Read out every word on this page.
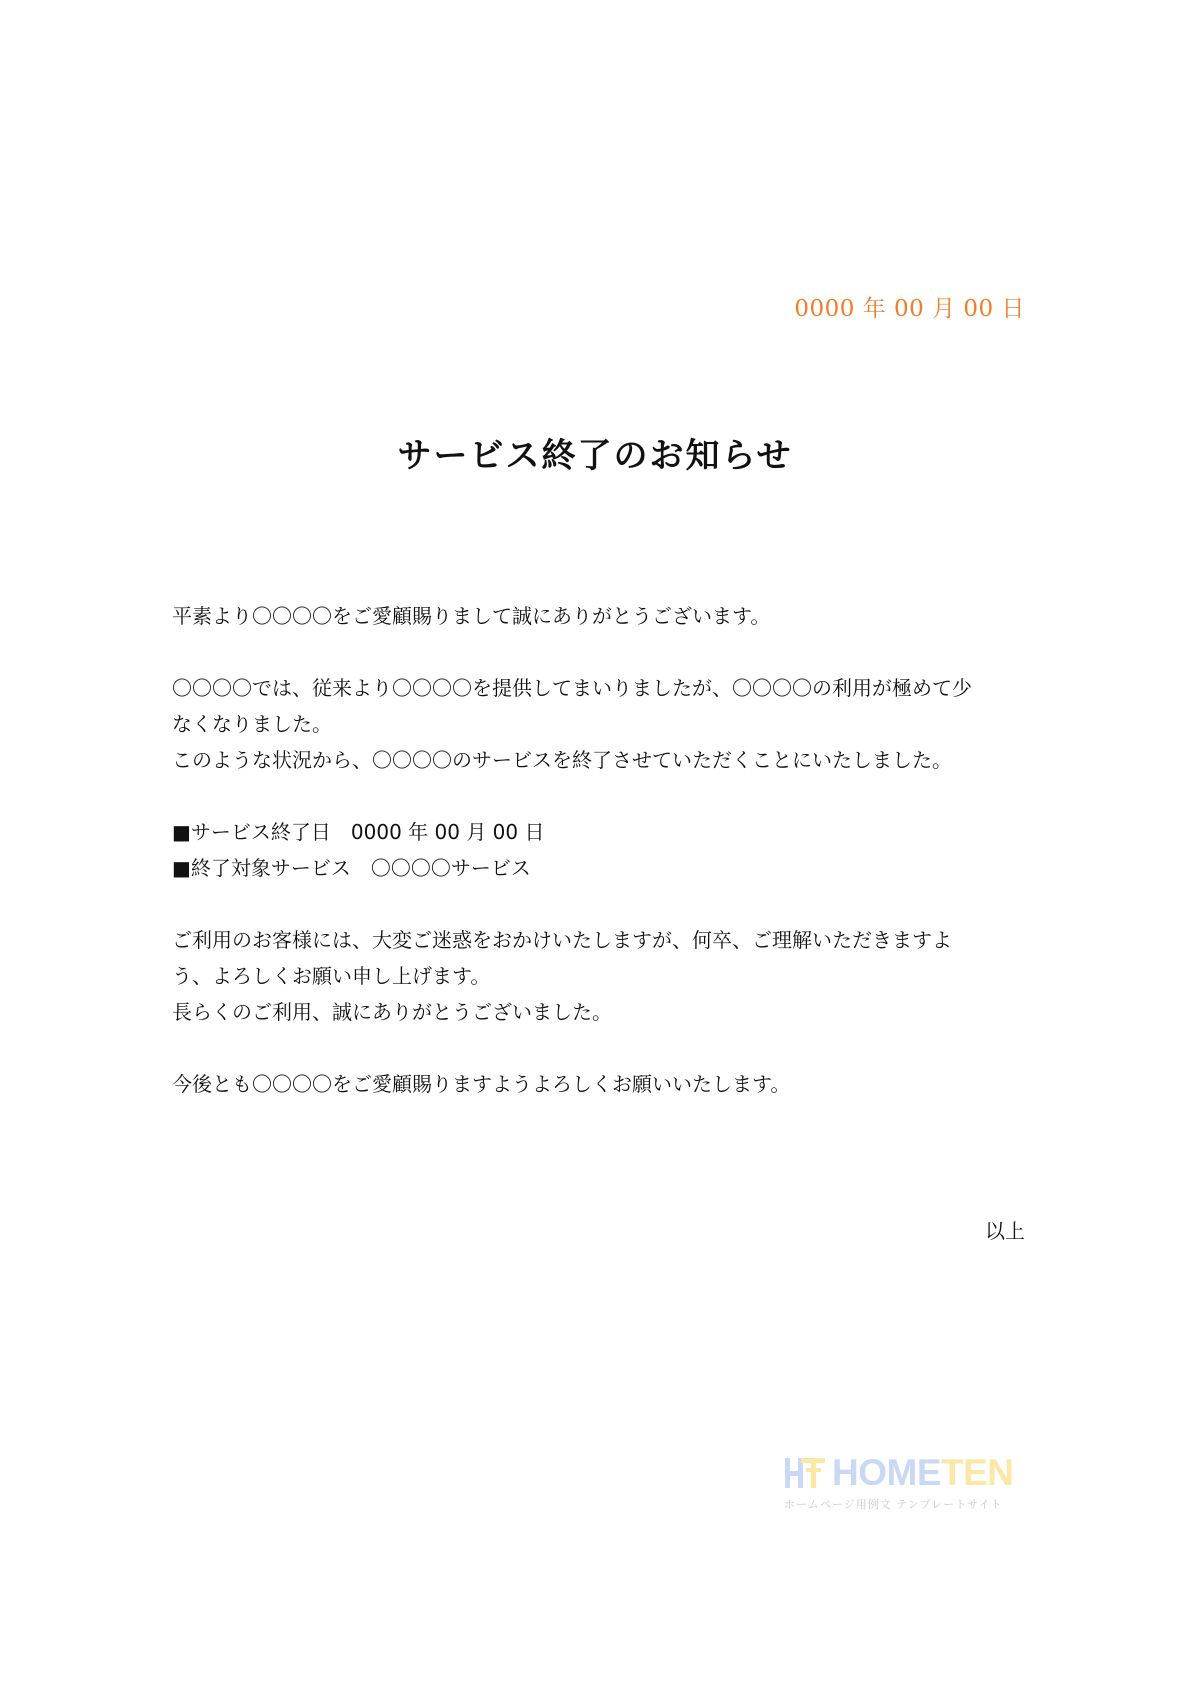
0000 年 00 月 00 日
サービス終了のお知らせ

平素より〇〇〇〇をご愛顧賜りまして誠にありがとうございます。

〇〇〇〇では、従来より〇〇〇〇を提供してまいりましたが、〇〇〇〇の利用が極めて少

なくなりました。

このような状況から、〇〇〇〇のサービスを終了させていただくことにいたしました。

■サービス終了日　0000 年 00 月 00 日

■終了対象サービス　〇〇〇〇サービス

ご利用のお客様には、大変ご迷惑をおかけいたしますが、何卒、ご理解いただきますよ

う、よろしくお願い申し上げます。

長らくのご利用、誠にありがとうございました。

今後とも〇〇〇〇をご愛顧賜りますようよろしくお願いいたします。

以上
HOMETEN
ホームページ用例文 テンプレートサイト
